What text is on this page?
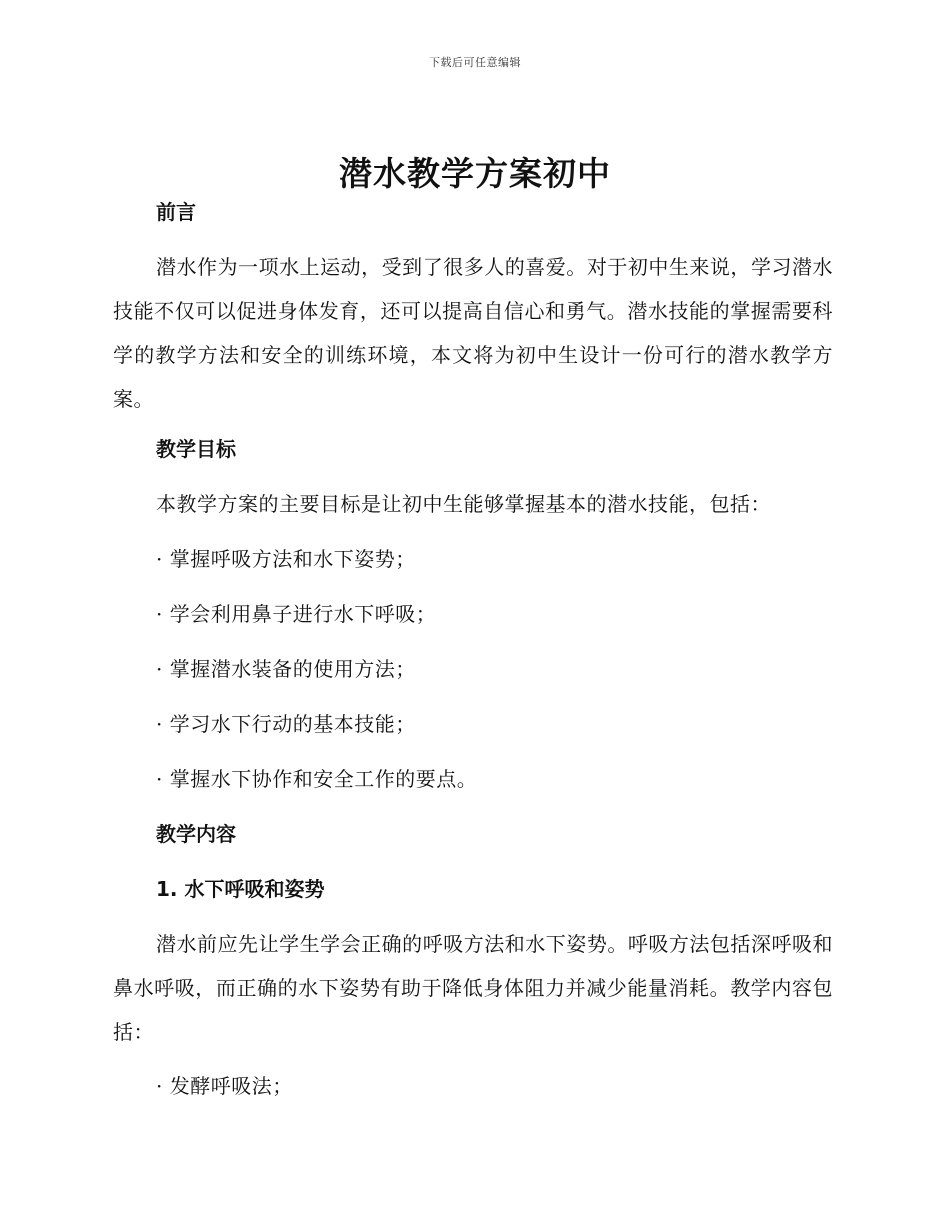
下载后可任意编辑
潜水教学方案初中

前言

潜水作为一项水上运动，受到了很多人的喜爱。对于初中生来说，学习潜水技能不仅可以促进身体发育，还可以提高自信心和勇气。潜水技能的掌握需要科学的教学方法和安全的训练环境，本文将为初中生设计一份可行的潜水教学方案。

教学目标

本教学方案的主要目标是让初中生能够掌握基本的潜水技能，包括：

· 掌握呼吸方法和水下姿势；

· 学会利用鼻子进行水下呼吸；

· 掌握潜水装备的使用方法；

· 学习水下行动的基本技能；

· 掌握水下协作和安全工作的要点。

教学内容

1. 水下呼吸和姿势

潜水前应先让学生学会正确的呼吸方法和水下姿势。呼吸方法包括深呼吸和鼻水呼吸，而正确的水下姿势有助于降低身体阻力并减少能量消耗。教学内容包括：

· 发酵呼吸法；
